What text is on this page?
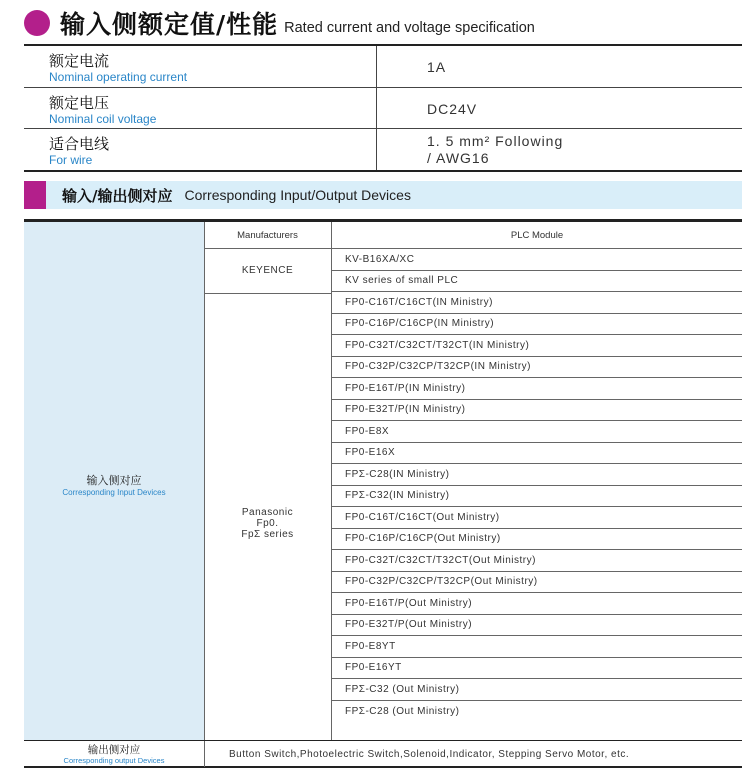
输入侧额定值/性能 Rated current and voltage specification
额定电流
Nominal operating current
1A
额定电压
Nominal coil voltage
DC24V
适合电线
For wire
1. 5 mm² Following
/ AWG16
输入/输出侧对应 Corresponding Input/Output Devices
输入侧对应
Corresponding Input Devices
Manufacturers
KEYENCE
Panasonic
Fp0.
FpΣ series
PLC Module
KV-B16XA/XC
KV series of small PLC
FP0-C16T/C16CT(IN Ministry)
FP0-C16P/C16CP(IN Ministry)
FP0-C32T/C32CT/T32CT(IN Ministry)
FP0-C32P/C32CP/T32CP(IN Ministry)
FP0-E16T/P(IN Ministry)
FP0-E32T/P(IN Ministry)
FP0-E8X
FP0-E16X
FPΣ-C28(IN Ministry)
FPΣ-C32(IN Ministry)
FP0-C16T/C16CT(Out Ministry)
FP0-C16P/C16CP(Out Ministry)
FP0-C32T/C32CT/T32CT(Out Ministry)
FP0-C32P/C32CP/T32CP(Out Ministry)
FP0-E16T/P(Out Ministry)
FP0-E32T/P(Out Ministry)
FP0-E8YT
FP0-E16YT
FPΣ-C32 (Out Ministry)
FPΣ-C28 (Out Ministry)
输出侧对应
Corresponding output Devices
Button Switch,Photoelectric Switch,Solenoid,Indicator, Stepping Servo Motor, etc.
